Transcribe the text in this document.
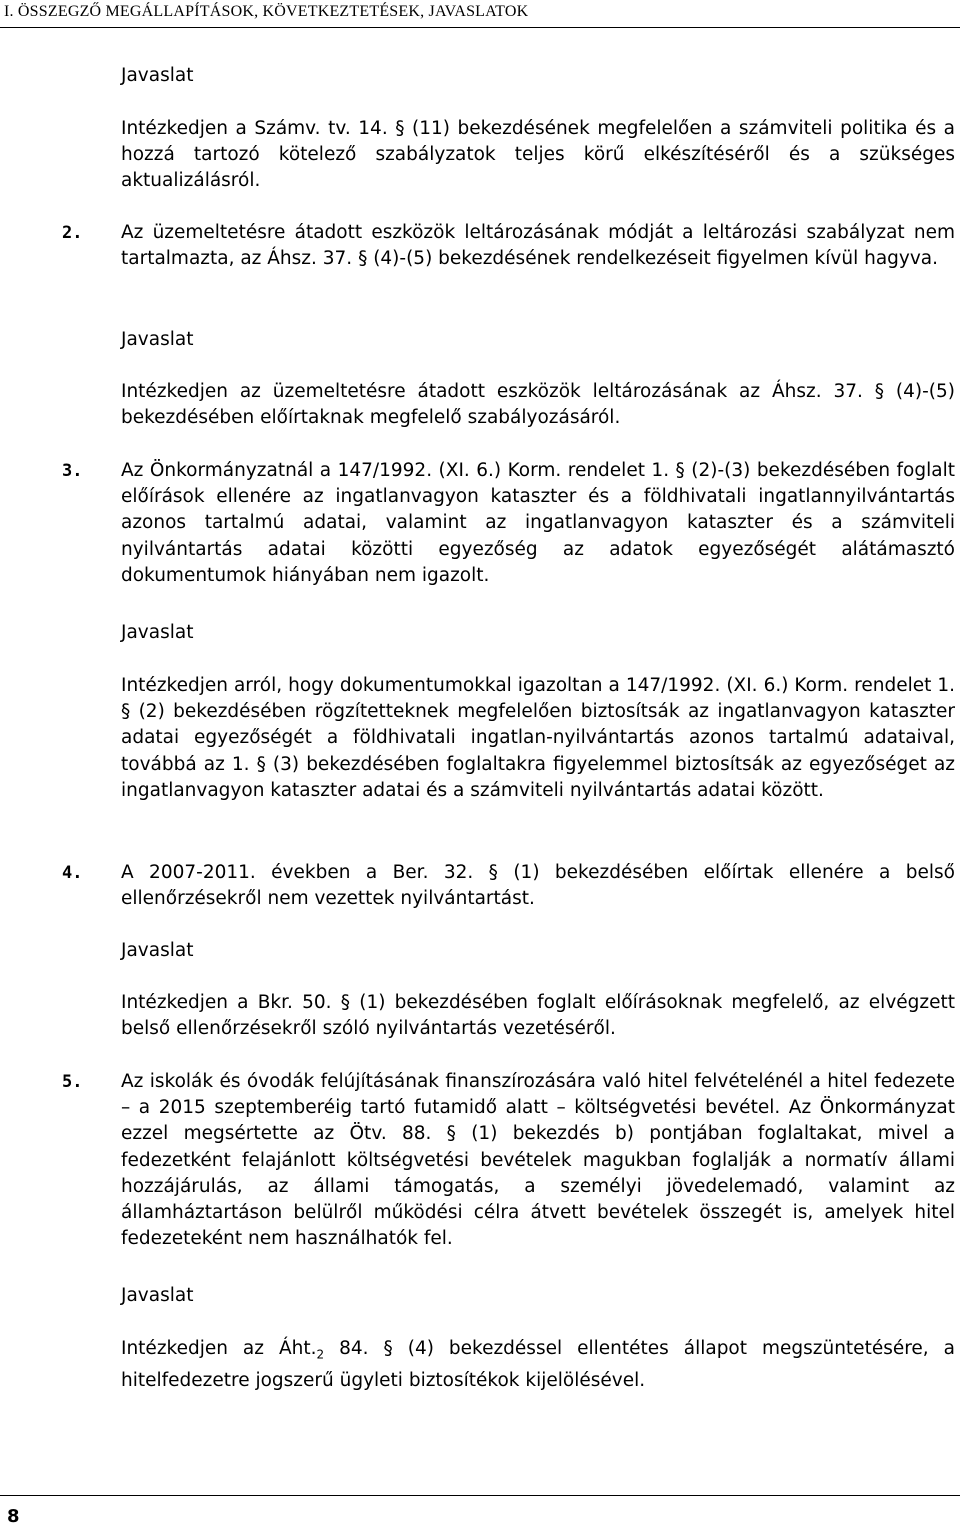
I. ÖSSZEGZŐ MEGÁLLAPÍTÁSOK, KÖVETKEZTETÉSEK, JAVASLATOK
Javaslat
Intézkedjen a Számv. tv. 14. § (11) bekezdésének megfelelően a számviteli politika és a hozzá tartozó kötelező szabályzatok teljes körű elkészítéséről és a szükséges aktualizálásról.
2. Az üzemeltetésre átadott eszközök leltározásának módját a leltározási szabályzat nem tartalmazta, az Áhsz. 37. § (4)-(5) bekezdésének rendelkezéseit figyelmen kívül hagyva.
Javaslat
Intézkedjen az üzemeltetésre átadott eszközök leltározásának az Áhsz. 37. § (4)-(5) bekezdésében előírtaknak megfelelő szabályozásáról.
3. Az Önkormányzatnál a 147/1992. (XI. 6.) Korm. rendelet 1. § (2)-(3) bekezdésében foglalt előírások ellenére az ingatlanvagyon kataszter és a földhivatali ingatlannyilvántartás azonos tartalmú adatai, valamint az ingatlanvagyon kataszter és a számviteli nyilvántartás adatai közötti egyezőség az adatok egyezőségét alátámasztó dokumentumok hiányában nem igazolt.
Javaslat
Intézkedjen arról, hogy dokumentumokkal igazoltan a 147/1992. (XI. 6.) Korm. rendelet 1. § (2) bekezdésében rögzítetteknek megfelelően biztosítsák az ingatlanvagyon kataszter adatai egyezőségét a földhivatali ingatlan-nyilvántartás azonos tartalmú adataival, továbbá az 1. § (3) bekezdésében foglaltakra figyelemmel biztosítsák az egyezőséget az ingatlanvagyon kataszter adatai és a számviteli nyilvántartás adatai között.
4. A 2007-2011. években a Ber. 32. § (1) bekezdésében előírtak ellenére a belső ellenőrzésekről nem vezettek nyilvántartást.
Javaslat
Intézkedjen a Bkr. 50. § (1) bekezdésében foglalt előírásoknak megfelelő, az elvégzett belső ellenőrzésekről szóló nyilvántartás vezetéséről.
5. Az iskolák és óvodák felújításának finanszírozására való hitel felvételénél a hitel fedezete – a 2015 szeptemberéig tartó futamidő alatt – költségvetési bevétel. Az Önkormányzat ezzel megsértette az Ötv. 88. § (1) bekezdés b) pontjában foglaltakat, mivel a fedezetként felajánlott költségvetési bevételek magukban foglalják a normatív állami hozzájárulás, az állami támogatás, a személyi jövedelemadó, valamint az államháztartáson belülről működési célra átvett bevételek összegét is, amelyek hitel fedezeteként nem használhatók fel.
Javaslat
Intézkedjen az $Áht._2$ 84. § (4) bekezdéssel ellentétes állapot megszüntetésére, a hitelfedezetre jogszerű ügyleti biztosítékok kijelölésével.
8
